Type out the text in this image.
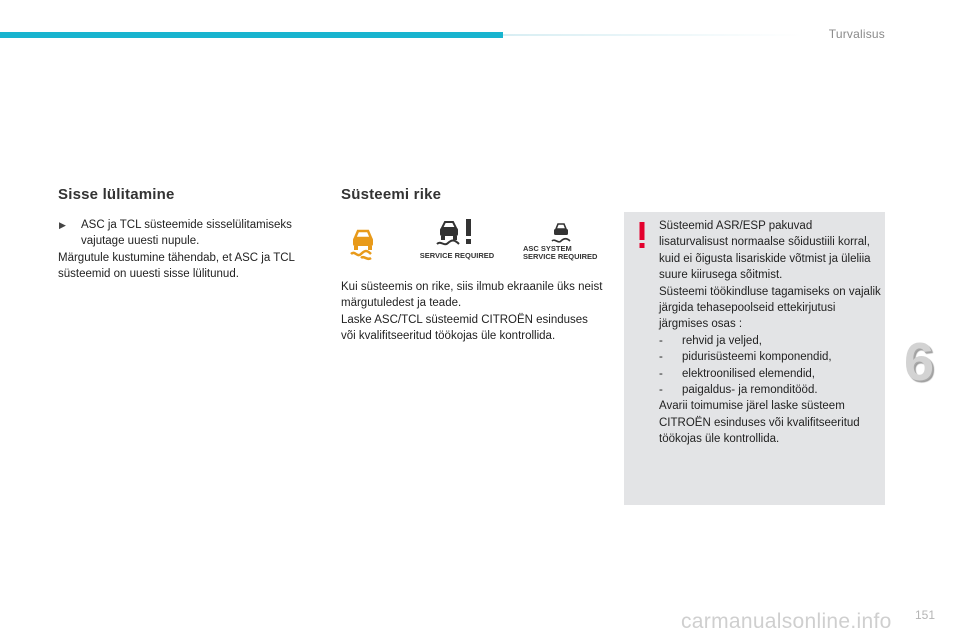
Turvalisus
Sisse lülitamine
▶	ASC ja TCL süsteemide sisselülitamiseks vajutage uuesti nupule.

Märgutule kustumine tähendab, et ASC ja TCL süsteemid on uuesti sisse lülitunud.

Süsteemi rike
SERVICE REQUIRED
ASC SYSTEM
SERVICE REQUIRED

Kui süsteemis on rike, siis ilmub ekraanile üks neist märgutuledest ja teade.

Laske ASC/TCL süsteemid CITROËN esinduses või kvalifitseeritud töökojas üle kontrollida.

Süsteemid ASR/ESP pakuvad lisaturvalisust normaalse sõidustiili korral, kuid ei õigusta lisariskide võtmist ja üleliia suure kiirusega sõitmist.

Süsteemi töökindluse tagamiseks on vajalik järgida tehasepoolseid ettekirjutusi järgmises osas :

-	rehvid ja veljed,

-	pidurisüsteemi komponendid,

-	elektroonilised elemendid,

-	paigaldus- ja remonditööd.

Avarii toimumise järel laske süsteem CITROËN esinduses või kvalifitseeritud töökojas üle kontrollida.

6
carmanualsonline.info 151
